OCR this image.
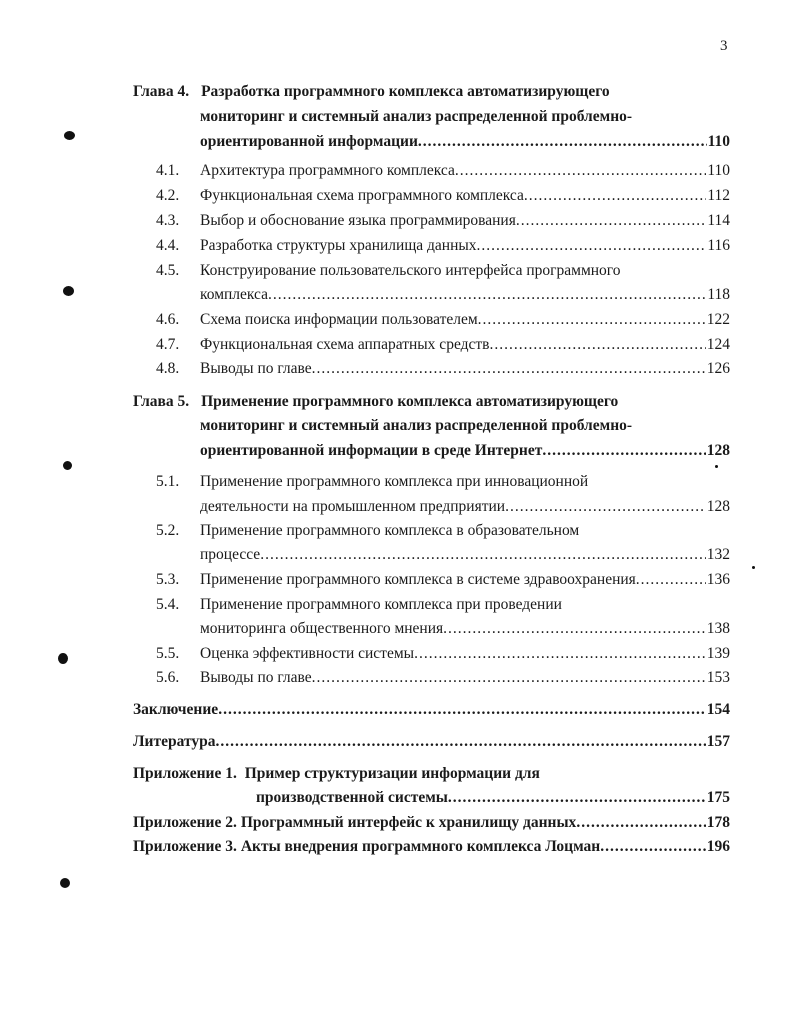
3
Глава 4. Разработка программного комплекса автоматизирующего
мониторинг и системный анализ распределенной проблемно-
ориентированной информации .....	110
4.1. Архитектура программного комплекса .....	110
4.2. Функциональная схема программного комплекса .....	112
4.3. Выбор и обоснование языка программирования .....	114
4.4. Разработка структуры хранилища данных .....	116
4.5. Конструирование пользовательского интерфейса программного
комплекса .....	118
4.6. Схема поиска информации пользователем .....	122
4.7. Функциональная схема аппаратных средств .....	124
4.8. Выводы по главе .....	126
Глава 5. Применение программного комплекса автоматизирующего
мониторинг и системный анализ распределенной проблемно-
ориентированной информации в среде Интернет .....	128
5.1. Применение программного комплекса при инновационной
деятельности на промышленном предприятии .....	128
5.2. Применение программного комплекса в образовательном
процессе .....	132
5.3. Применение программного комплекса в системе здравоохранения .....	136
5.4. Применение программного комплекса при проведении
мониторинга общественного мнения .....	138
5.5. Оценка эффективности системы .....	139
5.6. Выводы по главе .....	153
Заключение .....	154
Литература .....	157
Приложение 1. Пример структуризации информации для
производственной системы .....	175
Приложение 2. Программный интерфейс к хранилищу данных .....	178
Приложение 3. Акты внедрения программного комплекса Лоцман .....	196
